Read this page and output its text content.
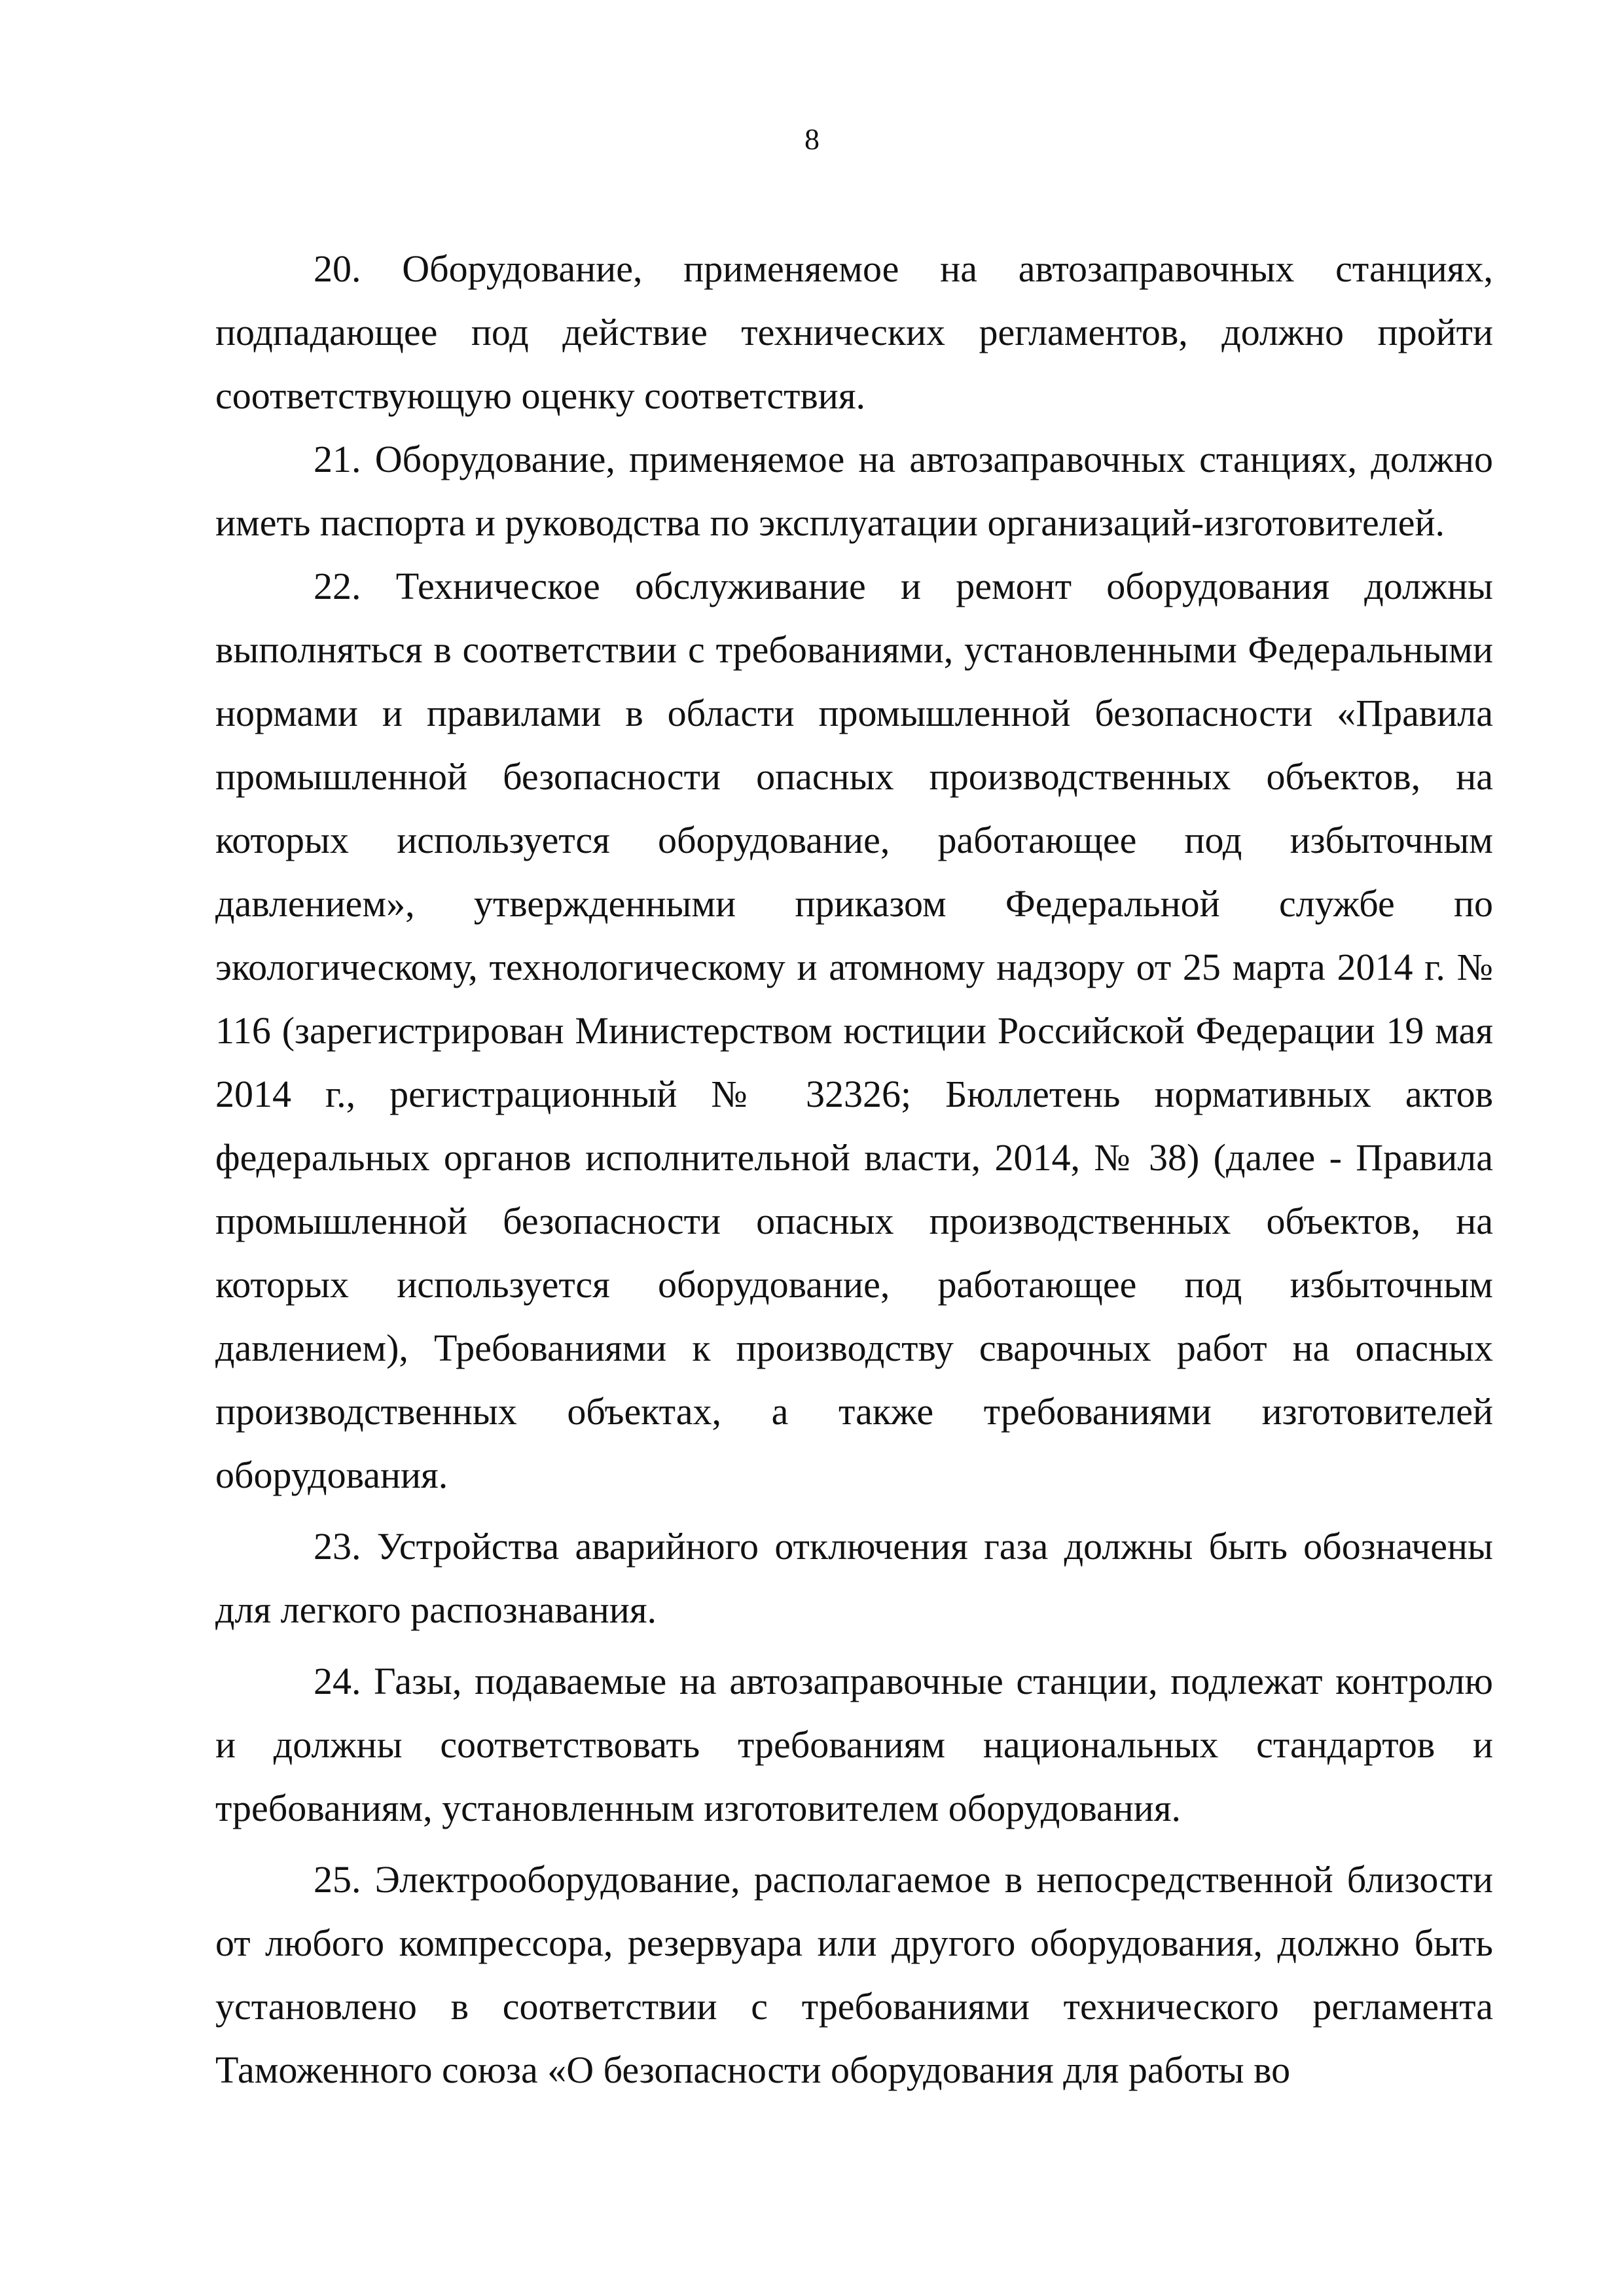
8

20. Оборудование, применяемое на автозаправочных станциях, подпадающее под действие технических регламентов, должно пройти соответствующую оценку соответствия.

21. Оборудование, применяемое на автозаправочных станциях, должно иметь паспорта и руководства по эксплуатации организаций-изготовителей.

22. Техническое обслуживание и ремонт оборудования должны выполняться в соответствии с требованиями, установленными Федеральными нормами и правилами в области промышленной безопасности «Правила промышленной безопасности опасных производственных объектов, на которых используется оборудование, работающее под избыточным давлением», утвержденными приказом Федеральной службе по экологическому, технологическому и атомному надзору от 25 марта 2014 г. № 116 (зарегистрирован Министерством юстиции Российской Федерации 19 мая 2014 г., регистрационный № 32326; Бюллетень нормативных актов федеральных органов исполнительной власти, 2014, № 38) (далее - Правила промышленной безопасности опасных производственных объектов, на которых используется оборудование, работающее под избыточным давлением), Требованиями к производству сварочных работ на опасных производственных объектах, а также требованиями изготовителей оборудования.

23. Устройства аварийного отключения газа должны быть обозначены для легкого распознавания.

24. Газы, подаваемые на автозаправочные станции, подлежат контролю и должны соответствовать требованиям национальных стандартов и требованиям, установленным изготовителем оборудования.

25. Электрооборудование, располагаемое в непосредственной близости от любого компрессора, резервуара или другого оборудования, должно быть установлено в соответствии с требованиями технического регламента Таможенного союза «О безопасности оборудования для работы во
